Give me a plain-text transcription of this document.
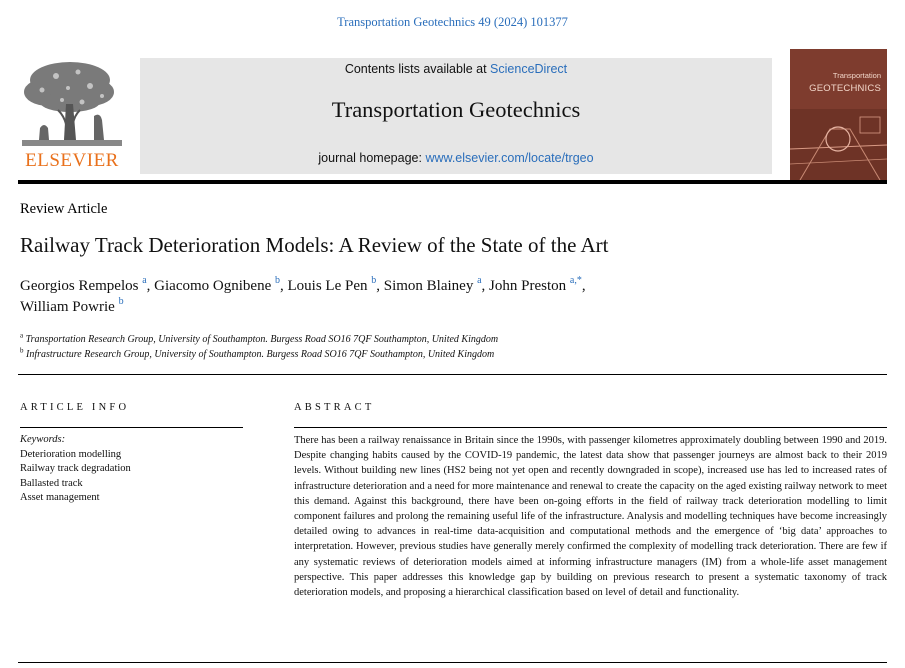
Transportation Geotechnics 49 (2024) 101377
ELSEVIER
Contents lists available at ScienceDirect
Transportation Geotechnics
journal homepage: www.elsevier.com/locate/trgeo
Transportation
GEOTECHNICS
Review Article
Railway Track Deterioration Models: A Review of the State of the Art
Georgios Rempelos $^a$, Giacomo Ognibene $^b$, Louis Le Pen $^b$, Simon Blainey $^a$, John Preston $^{a,*}$,
William Powrie $^b$
$^a$ Transportation Research Group, University of Southampton. Burgess Road SO16 7QF Southampton, United Kingdom
$^b$ Infrastructure Research Group, University of Southampton. Burgess Road SO16 7QF Southampton, United Kingdom
ARTICLE INFO	ABSTRACT
Keywords:
Deterioration modelling
Railway track degradation
Ballasted track
Asset management
There has been a railway renaissance in Britain since the 1990s, with passenger kilometres approximately doubling between 1990 and 2019. Despite changing habits caused by the COVID-19 pandemic, the latest data show that passenger journeys are almost back to their 2019 levels. Without building new lines (HS2 being not yet open and recently downgraded in scope), increased use has led to increased rates of infrastructure deterioration and a need for more maintenance and renewal to create the capacity on the aged existing railway network to meet this demand. Against this background, there have been on-going efforts in the field of railway track deterioration modelling to limit component failures and prolong the remaining useful life of the infrastructure. Analysis and modelling techniques have become increasingly detailed owing to advances in real-time data-acquisition and computational methods and the emergence of ‘big data’ approaches to interpretation. However, previous studies have generally merely confirmed the complexity of modelling track deterioration. There are few if any systematic reviews of deterioration models aimed at informing infrastructure managers (IM) from a whole-life asset management perspective. This paper addresses this knowledge gap by building on previous research to present a systematic taxonomy of track deterioration models, and proposing a hierarchical classification based on level of detail and functionality.
